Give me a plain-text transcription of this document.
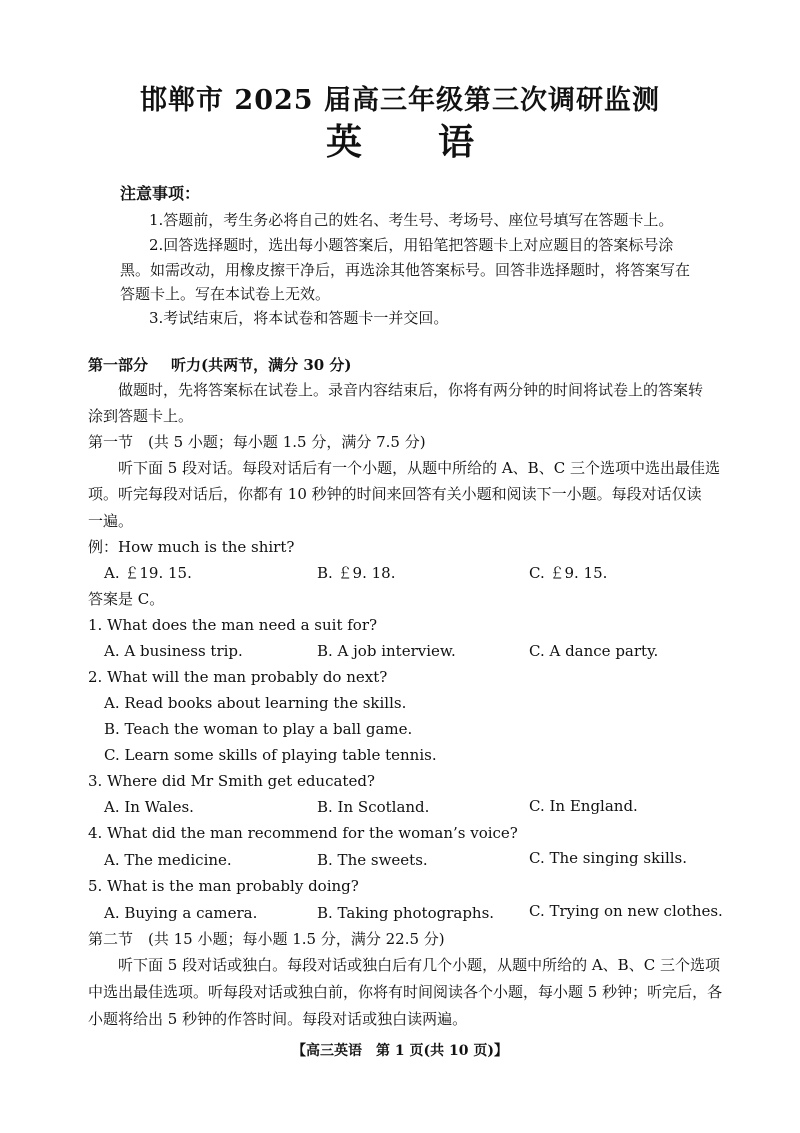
邯郸市 2025 届高三年级第三次调研监测
英 语
注意事项：
1.答题前，考生务必将自己的姓名、考生号、考场号、座位号填写在答题卡上。
2.回答选择题时，选出每小题答案后，用铅笔把答题卡上对应题目的答案标号涂
黑。如需改动，用橡皮擦干净后，再选涂其他答案标号。回答非选择题时，将答案写在
答题卡上。写在本试卷上无效。
3.考试结束后，将本试卷和答题卡一并交回。
第一部分 听力(共两节，满分 30 分)
做题时，先将答案标在试卷上。录音内容结束后，你将有两分钟的时间将试卷上的答案转
涂到答题卡上。
第一节　(共 5 小题；每小题 1.5 分，满分 7.5 分)
听下面 5 段对话。每段对话后有一个小题，从题中所给的 A、B、C 三个选项中选出最佳选
项。听完每段对话后，你都有 10 秒钟的时间来回答有关小题和阅读下一小题。每段对话仅读
一遍。
例：How much is the shirt?
A. ￡19. 15.	B. ￡9. 18.	C. ￡9. 15.
答案是 C。
1. What does the man need a suit for?
A. A business trip.	B. A job interview.	C. A dance party.
2. What will the man probably do next?
A. Read books about learning the skills.
B. Teach the woman to play a ball game.
C. Learn some skills of playing table tennis.
3. Where did Mr Smith get educated?
A. In Wales.	B. In Scotland.	C. In England.
4. What did the man recommend for the woman’s voice?
A. The medicine.	B. The sweets.	C. The singing skills.
5. What is the man probably doing?
A. Buying a camera.	B. Taking photographs. C. Trying on new clothes.
第二节　(共 15 小题；每小题 1.5 分，满分 22.5 分)
听下面 5 段对话或独白。每段对话或独白后有几个小题，从题中所给的 A、B、C 三个选项
中选出最佳选项。听每段对话或独白前，你将有时间阅读各个小题，每小题 5 秒钟；听完后，各
小题将给出 5 秒钟的作答时间。每段对话或独白读两遍。
【高三英语　第 1 页(共 10 页)】
